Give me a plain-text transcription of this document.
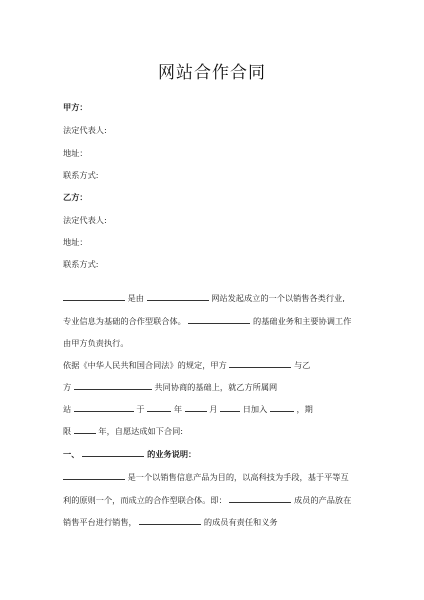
网站合作合同
甲方：
法定代表人:
地址：
联系方式:
乙方：
法定代表人:
地址：
联系方式:
是由	网站发起成立的一个以销售各类行业,
专业信息为基础的合作型联合体。	的基础业务和主要协调工作
由甲方负责执行。
依据《中华人民共和国合同法》的规定，甲方	与乙
方	共同协商的基础上，就乙方所属网
站	于	年	月	日加入	，期
限	年，自愿达成如下合同:
一、	的业务说明：
是一个以销售信息产品为目的，以高科技为手段，基于平等互
利的原则一个，而成立的合作型联合体。即：	成员的产品放在
销售平台进行销售，	的成员有责任和义务
